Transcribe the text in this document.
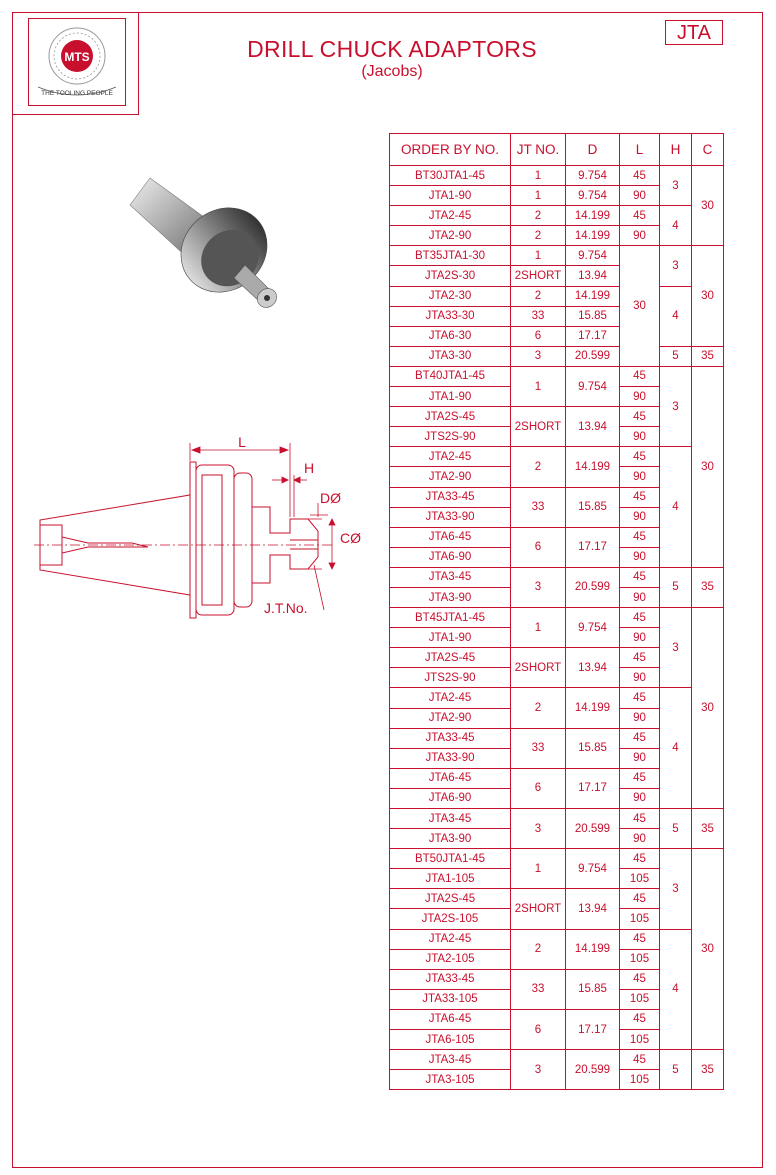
MTS
THE TOOLING PEOPLE
DRILL CHUCK ADAPTORS
(Jacobs)
JTA
L
H
DØ
CØ
J.T.No.
ORDER BY NO.	JT NO.	D	L	H	C
BT30JTA1-45	1	9.754	45	3	30
JTA1-90	1	9.754	90		
JTA2-45	2	14.199	45	4	
JTA2-90	2	14.199	90		
BT35JTA1-30	1	9.754	30	3	30
JTA2S-30	2SHORT	13.94			
JTA2-30	2	14.199		4	
JTA33-30	33	15.85			
JTA6-30	6	17.17			
JTA3-30	3	20.599		5	35
BT40JTA1-45	1	9.754	45	3	30
JTA1-90			90		
JTA2S-45	2SHORT	13.94	45		
JTS2S-90			90		
JTA2-45	2	14.199	45	4	
JTA2-90			90		
JTA33-45	33	15.85	45		
JTA33-90			90		
JTA6-45	6	17.17	45		
JTA6-90			90		
JTA3-45	3	20.599	45	5	35
JTA3-90			90		
BT45JTA1-45	1	9.754	45	3	30
JTA1-90			90		
JTA2S-45	2SHORT	13.94	45		
JTS2S-90			90		
JTA2-45	2	14.199	45	4	
JTA2-90			90		
JTA33-45	33	15.85	45		
JTA33-90			90		
JTA6-45	6	17.17	45		
JTA6-90			90		
JTA3-45	3	20.599	45	5	35
JTA3-90			90		
BT50JTA1-45	1	9.754	45	3	30
JTA1-105			105		
JTA2S-45	2SHORT	13.94	45		
JTA2S-105			105		
JTA2-45	2	14.199	45	4	
JTA2-105			105		
JTA33-45	33	15.85	45		
JTA33-105			105		
JTA6-45	6	17.17	45		
JTA6-105			105		
JTA3-45	3	20.599	45	5	35
JTA3-105			105		
